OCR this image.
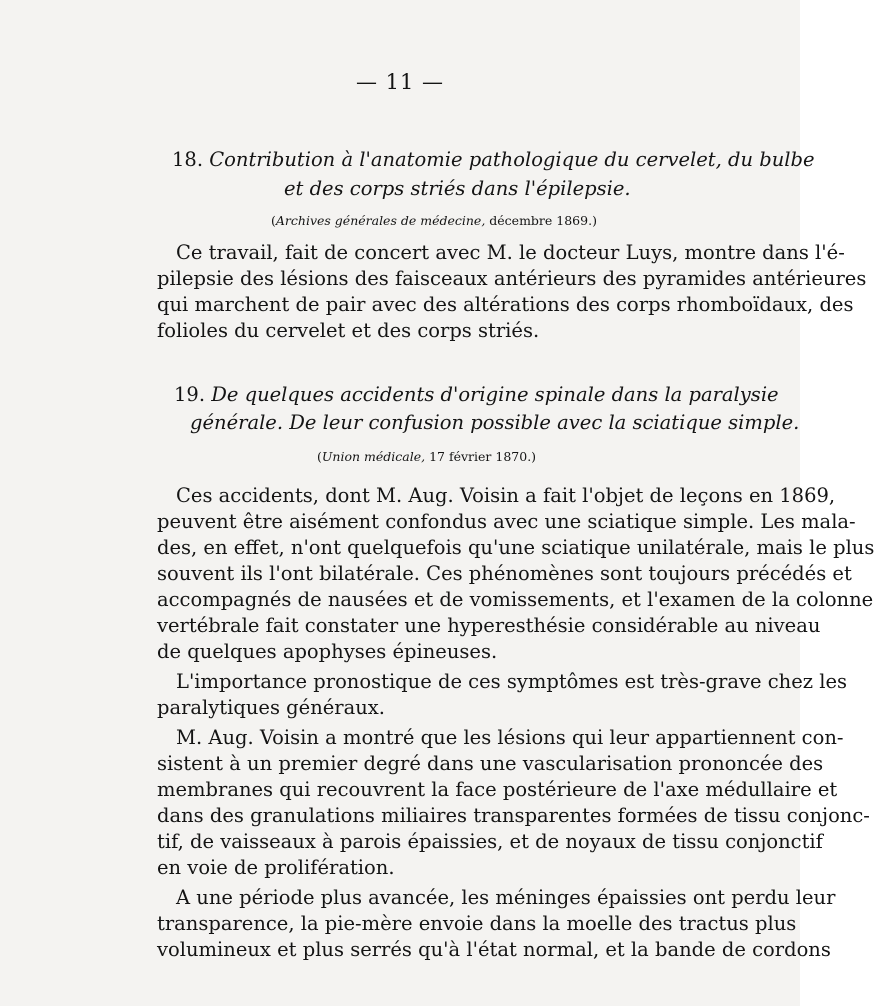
— 11 —
18. Contribution à l'anatomie pathologique du cervelet, du bulbe
et des corps striés dans l'épilepsie.
(Archives générales de médecine, décembre 1869.)
Ce travail, fait de concert avec M. le docteur Luys, montre dans l'é-
pilepsie des lésions des faisceaux antérieurs des pyramides antérieures
qui marchent de pair avec des altérations des corps rhomboïdaux, des
folioles du cervelet et des corps striés.
19. De quelques accidents d'origine spinale dans la paralysie
générale. De leur confusion possible avec la sciatique simple.
(Union médicale, 17 février 1870.)
Ces accidents, dont M. Aug. Voisin a fait l'objet de leçons en 1869,
peuvent être aisément confondus avec une sciatique simple. Les mala-
des, en effet, n'ont quelquefois qu'une sciatique unilatérale, mais le plus
souvent ils l'ont bilatérale. Ces phénomènes sont toujours précédés et
accompagnés de nausées et de vomissements, et l'examen de la colonne
vertébrale fait constater une hyperesthésie considérable au niveau
de quelques apophyses épineuses.
L'importance pronostique de ces symptômes est très-grave chez les
paralytiques généraux.
M. Aug. Voisin a montré que les lésions qui leur appartiennent con-
sistent à un premier degré dans une vascularisation prononcée des
membranes qui recouvrent la face postérieure de l'axe médullaire et
dans des granulations miliaires transparentes formées de tissu conjonc-
tif, de vaisseaux à parois épaissies, et de noyaux de tissu conjonctif
en voie de prolifération.
A une période plus avancée, les méninges épaissies ont perdu leur
transparence, la pie-mère envoie dans la moelle des tractus plus
volumineux et plus serrés qu'à l'état normal, et la bande de cordons
